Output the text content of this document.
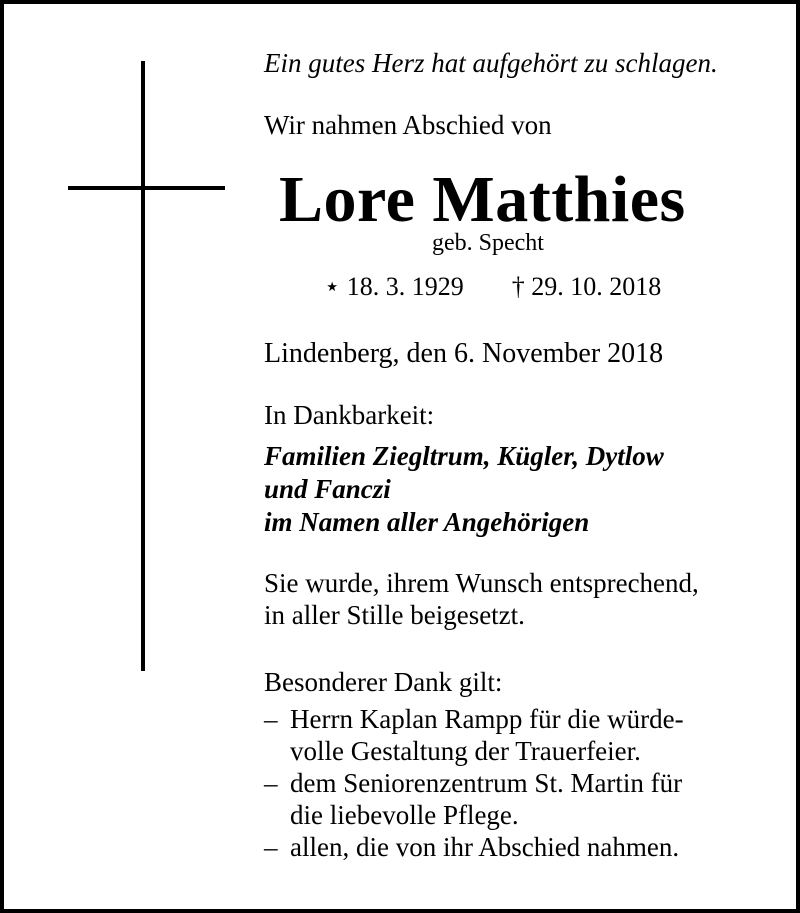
Ein gutes Herz hat aufgehört zu schlagen.

Wir nahmen Abschied von

Lore Matthies

geb. Specht

⋆ 18. 3. 1929 † 29. 10. 2018

Lindenberg, den 6. November 2018

In Dankbarkeit:

Familien Ziegltrum, Kügler, Dytlow
und Fanczi
im Namen aller Angehörigen
Sie wurde, ihrem Wunsch entsprechend,
in aller Stille beigesetzt.

Besonderer Dank gilt:

– Herrn Kaplan Rampp für die würde-
volle Gestaltung der Trauerfeier.
– dem Seniorenzentrum St. Martin für
die liebevolle Pflege.
– allen, die von ihr Abschied nahmen.
